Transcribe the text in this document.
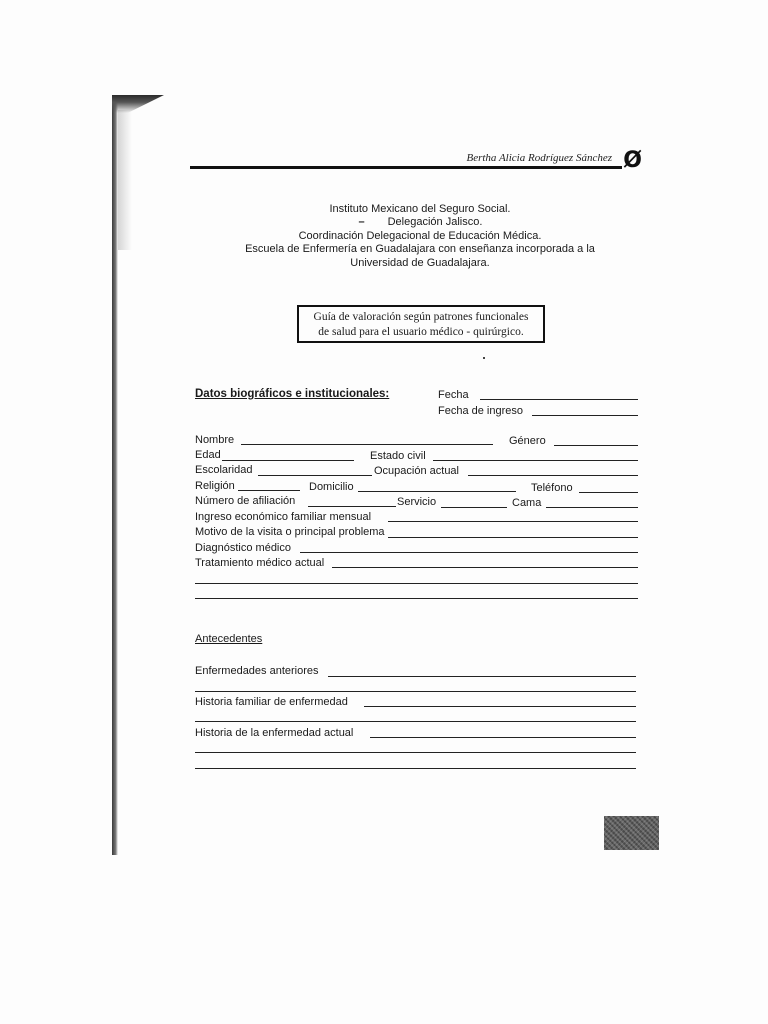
Bertha Alicia Rodríguez Sánchez Ø
Instituto Mexicano del Seguro Social.
– Delegación Jalisco.
Coordinación Delegacional de Educación Médica.
Escuela de Enfermería en Guadalajara con enseñanza incorporada a la
Universidad de Guadalajara.
Guía de valoración según patrones funcionales
de salud para el usuario médico - quirúrgico.
Datos biográficos e institucionales:	Fecha
Fecha de ingreso
Nombre	Género
Edad	Estado civil
Escolaridad	Ocupación actual
Religión	Domicilio	Teléfono
Número de afiliación	Servicio	Cama
Ingreso económico familiar mensual
Motivo de la visita o principal problema
Diagnóstico médico
Tratamiento médico actual
Antecedentes
Enfermedades anteriores
Historia familiar de enfermedad
Historia de la enfermedad actual
